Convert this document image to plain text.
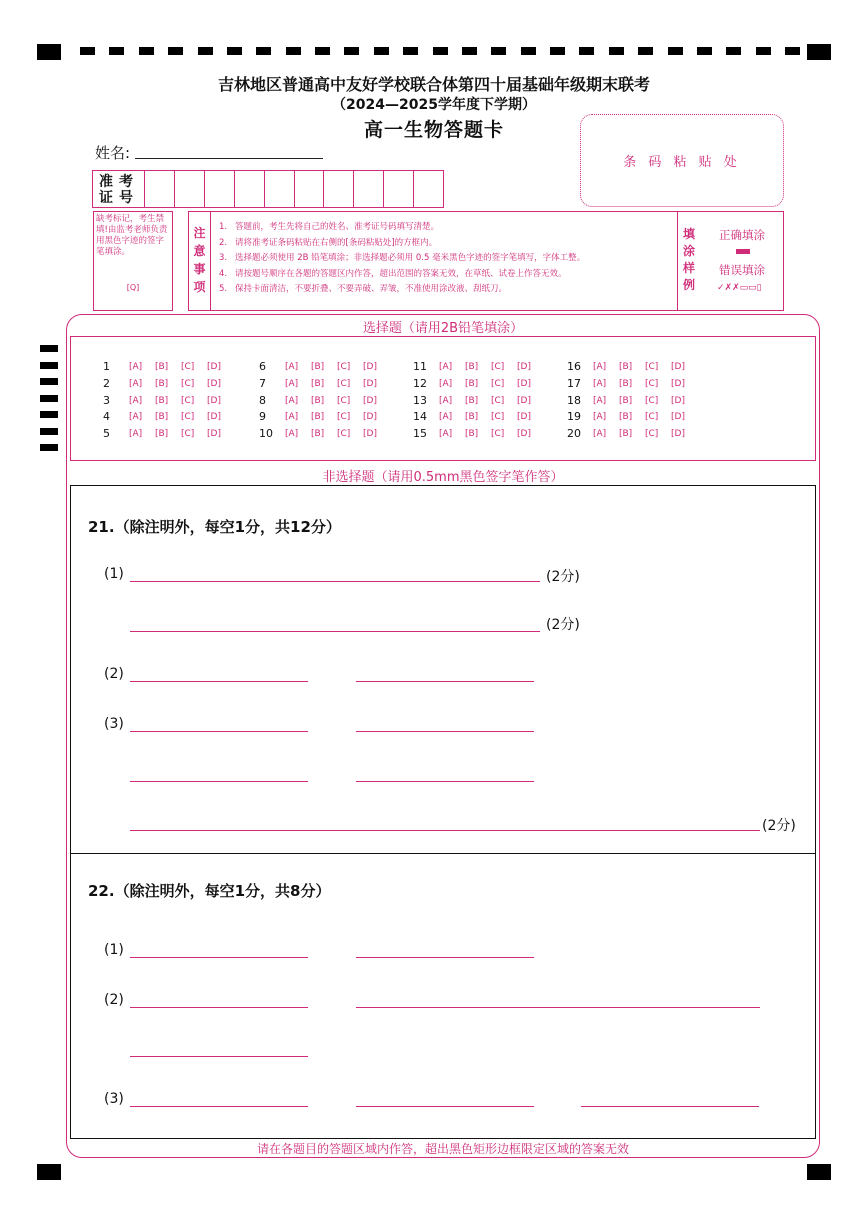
吉林地区普通高中友好学校联合体第四十届基础年级期末联考
（2024—2025学年度下学期）
高一生物答题卡
条 码 粘 贴 处
姓名:
准考
证号
缺考标记，考生禁填!由监考老师负责用黑色字迹的签字笔填涂。
[Q]
注
意
事
项
1. 答题前，考生先将自己的姓名、准考证号码填写清楚。
2. 请将准考证条码粘贴在右侧的[条码粘贴处]的方框内。
3. 选择题必须使用 2B 铅笔填涂；非选择题必须用 0.5 毫米黑色字迹的签字笔填写，字体工整。
4. 请按题号顺序在各题的答题区内作答，超出范围的答案无效，在草纸、试卷上作答无效。
5. 保持卡面清洁，不要折叠、不要弄破、弄皱，不准使用涂改液、刮纸刀。
填
涂
样
例
正确填涂
错误填涂
✓✗✗▭▭▯
选择题（请用2B铅笔填涂）
1	[A]	[B]	[C]	[D]
2	[A]	[B]	[C]	[D]
3	[A]	[B]	[C]	[D]
4	[A]	[B]	[C]	[D]
5	[A]	[B]	[C]	[D]
6	[A]	[B]	[C]	[D]
7	[A]	[B]	[C]	[D]
8	[A]	[B]	[C]	[D]
9	[A]	[B]	[C]	[D]
10	[A]	[B]	[C]	[D]
11	[A]	[B]	[C]	[D]
12	[A]	[B]	[C]	[D]
13	[A]	[B]	[C]	[D]
14	[A]	[B]	[C]	[D]
15	[A]	[B]	[C]	[D]
16	[A]	[B]	[C]	[D]
17	[A]	[B]	[C]	[D]
18	[A]	[B]	[C]	[D]
19	[A]	[B]	[C]	[D]
20	[A]	[B]	[C]	[D]
非选择题（请用0.5mm黑色签字笔作答）
21.（除注明外，每空1分，共12分）
(1)	(2分)
(2分)
(2)
(3)
(2分)
22.（除注明外，每空1分，共8分）
(1)
(2)
(3)
请在各题目的答题区域内作答，超出黑色矩形边框限定区域的答案无效
